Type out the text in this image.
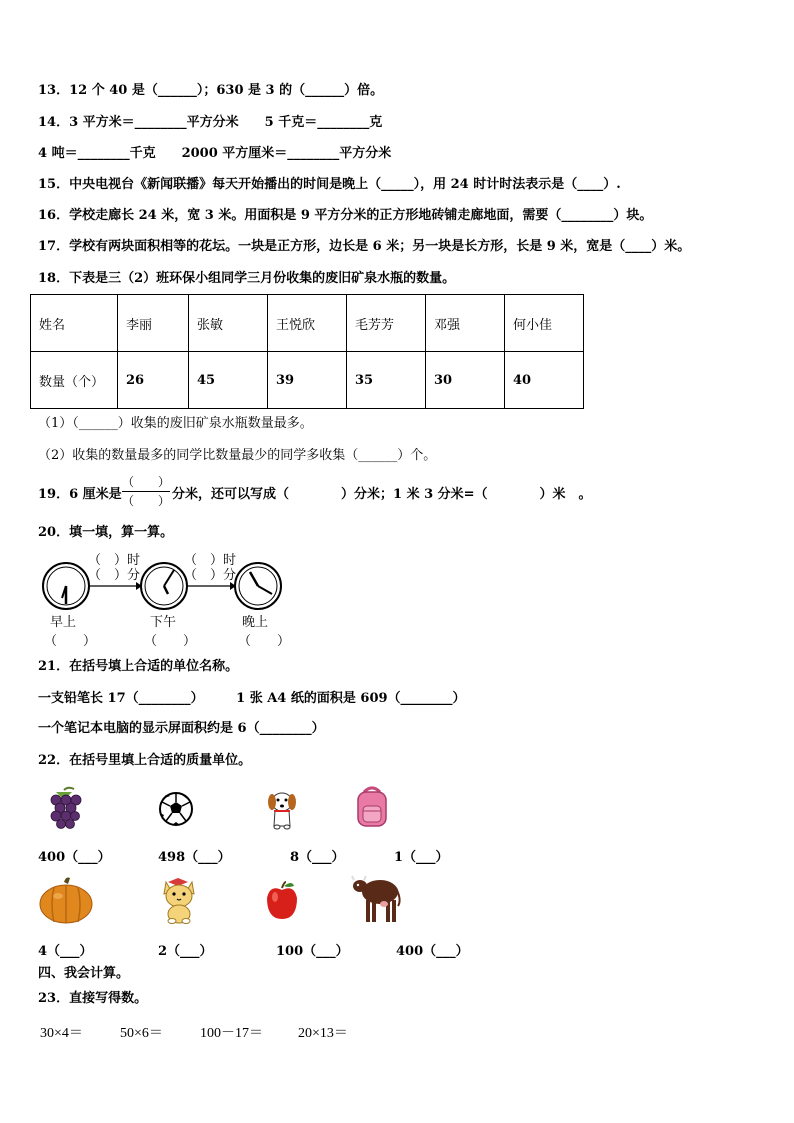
13．12 个 40 是（______）；630 是 3 的（______）倍。
14．3 平方米＝________平方分米　　5 千克＝________克
4 吨＝________千克　　2000 平方厘米＝________平方分米
15．中央电视台《新闻联播》每天开始播出的时间是晚上（_____），用 24 时计时法表示是（____）.
16．学校走廊长 24 米，宽 3 米。用面积是 9 平方分米的正方形地砖铺走廊地面，需要（________）块。
17．学校有两块面积相等的花坛。一块是正方形，边长是 6 米；另一块是长方形，长是 9 米，宽是（____）米。
18．下表是三（2）班环保小组同学三月份收集的废旧矿泉水瓶的数量。
姓名	李丽	张敏	王悦欣	毛芳芳	邓强	何小佳
数量（个）	26	45	39	35	30	40
（1）（______）收集的废旧矿泉水瓶数量最多。
（2）收集的数量最多的同学比数量最少的同学多收集（______）个。
19．6 厘米是
（　　）
（　　） 分米，还可以写成（　　　　）分米；1 米 3 分米=（　　　　）米　。
20．填一填，算一算。
（　）时
（　）分
（　）时
（　）分
早上	下午	晚上
（　　）	（　　）	（　　）
21．在括号填上合适的单位名称。
一支铅笔长 17（________）　　　1 张 A4 纸的面积是 609（________）
一个笔记本电脑的显示屏面积约是 6（________）
22．在括号里填上合适的质量单位。
400（___）	498（___）	8（___）	1（___）
4（___）	2（___）	100（___）	400（___）
四、我会计算。
23．直接写得数。
30×4＝	50×6＝	100－17＝	20×13＝
